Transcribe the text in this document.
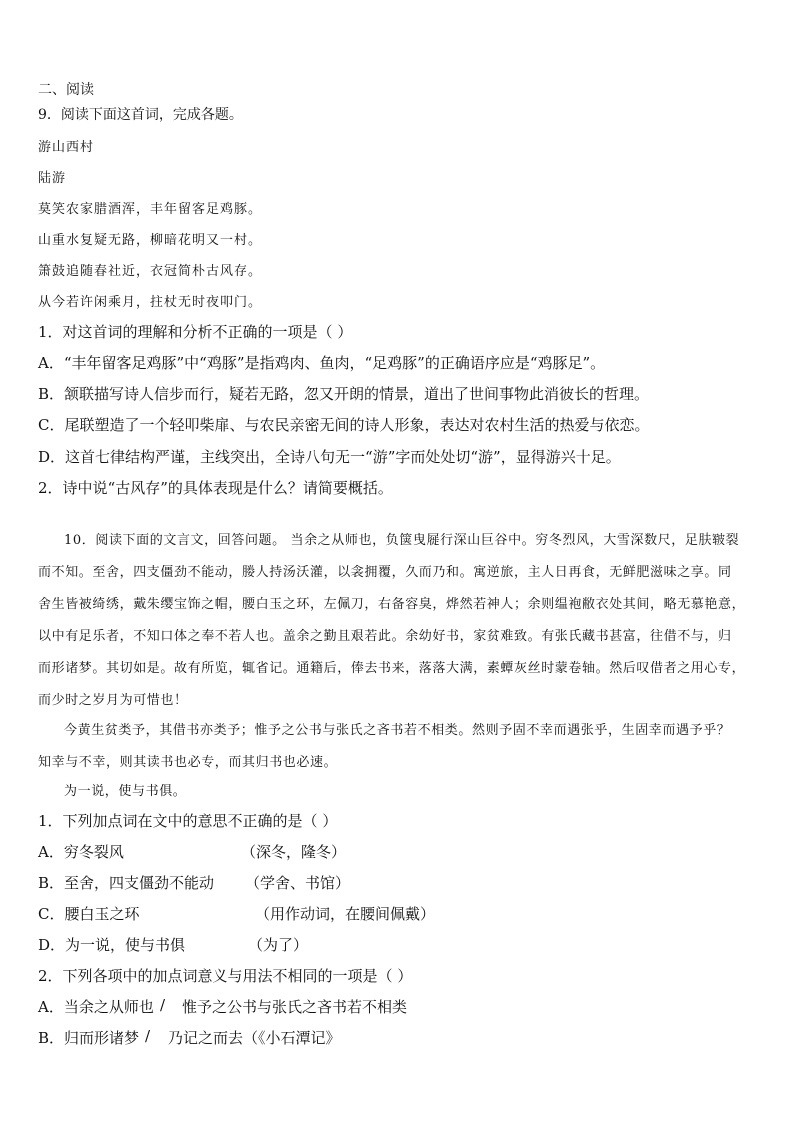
二、阅读
9．阅读下面这首词，完成各题。
游山西村
陆游
莫笑农家腊酒浑，丰年留客足鸡豚。
山重水复疑无路，柳暗花明又一村。
箫鼓追随春社近，衣冠简朴古风存。
从今若许闲乘月，拄杖无时夜叩门。
1．对这首词的理解和分析不正确的一项是（ ）
A．“丰年留客足鸡豚”中“鸡豚”是指鸡肉、鱼肉，“足鸡豚”的正确语序应是“鸡豚足”。
B．颔联描写诗人信步而行，疑若无路，忽又开朗的情景，道出了世间事物此消彼长的哲理。
C．尾联塑造了一个轻叩柴扉、与农民亲密无间的诗人形象，表达对农村生活的热爱与依恋。
D．这首七律结构严谨，主线突出，全诗八句无一“游”字而处处切“游”，显得游兴十足。
2．诗中说“古风存”的具体表现是什么？请简要概括。
10．阅读下面的文言文，回答问题。 当余之从师也，负箧曳屣行深山巨谷中。穷冬烈风，大雪深数尺，足肤皲裂
而不知。至舍，四支僵劲不能动，媵人持汤沃灌，以衾拥覆，久而乃和。寓逆旅，主人日再食，无鲜肥滋味之享。同
舍生皆被绮绣，戴朱缨宝饰之帽，腰白玉之环，左佩刀，右备容臭，烨然若神人；余则缊袍敝衣处其间，略无慕艳意，
以中有足乐者，不知口体之奉不若人也。盖余之勤且艰若此。余幼好书，家贫难致。有张氏藏书甚富，往借不与，归
而形诸梦。其切如是。故有所览，辄省记。通籍后，俸去书来，落落大满，素蟫灰丝时蒙卷轴。然后叹借者之用心专，
而少时之岁月为可惜也！
今黄生贫类予，其借书亦类予；惟予之公书与张氏之吝书若不相类。然则予固不幸而遇张乎，生固幸而遇予乎？
知幸与不幸，则其读书也必专，而其归书也必速。
为一说，使与书俱。
1．下列加点词在文中的意思不正确的是（ ）
A．穷冬裂风	（深冬，隆冬）
B．至舍，四支僵劲不能动 （学舍、书馆）
C．腰白玉之环	（用作动词，在腰间佩戴）
D．为一说，使与书俱	（为了）
2．下列各项中的加点词意义与用法不相同的一项是（ ）
A．当余之从师也 / 惟予之公书与张氏之吝书若不相类
B．归而形诸梦 / 乃记之而去（《小石潭记》
